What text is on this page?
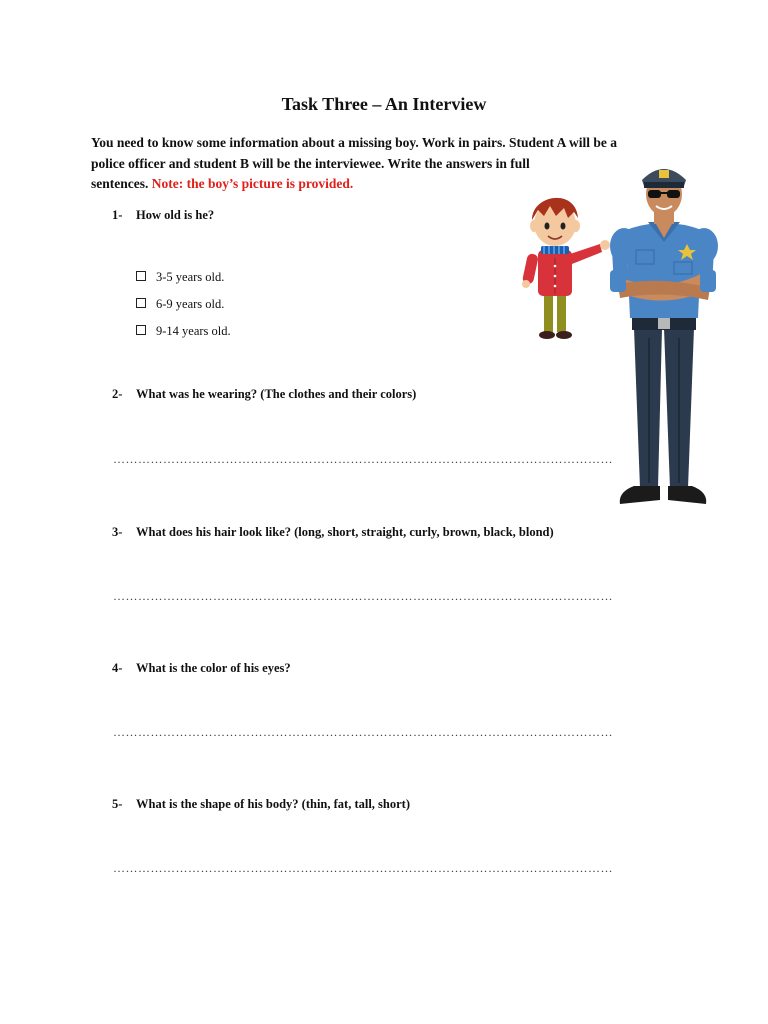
Task Three – An Interview
You need to know some information about a missing boy. Work in pairs. Student A will be a
police officer and student B will be the interviewee. Write the answers in full
sentences. Note: the boy’s picture is provided.
1- How old is he?
3-5 years old.
6-9 years old.
9-14 years old.
2- What was he wearing? (The clothes and their colors)
…………………………………………………………………………………………………………
3- What does his hair look like? (long, short, straight, curly, brown, black, blond)
…………………………………………………………………………………………………………
4- What is the color of his eyes?
…………………………………………………………………………………………………………
5- What is the shape of his body? (thin, fat, tall, short)
…………………………………………………………………………………………………………
